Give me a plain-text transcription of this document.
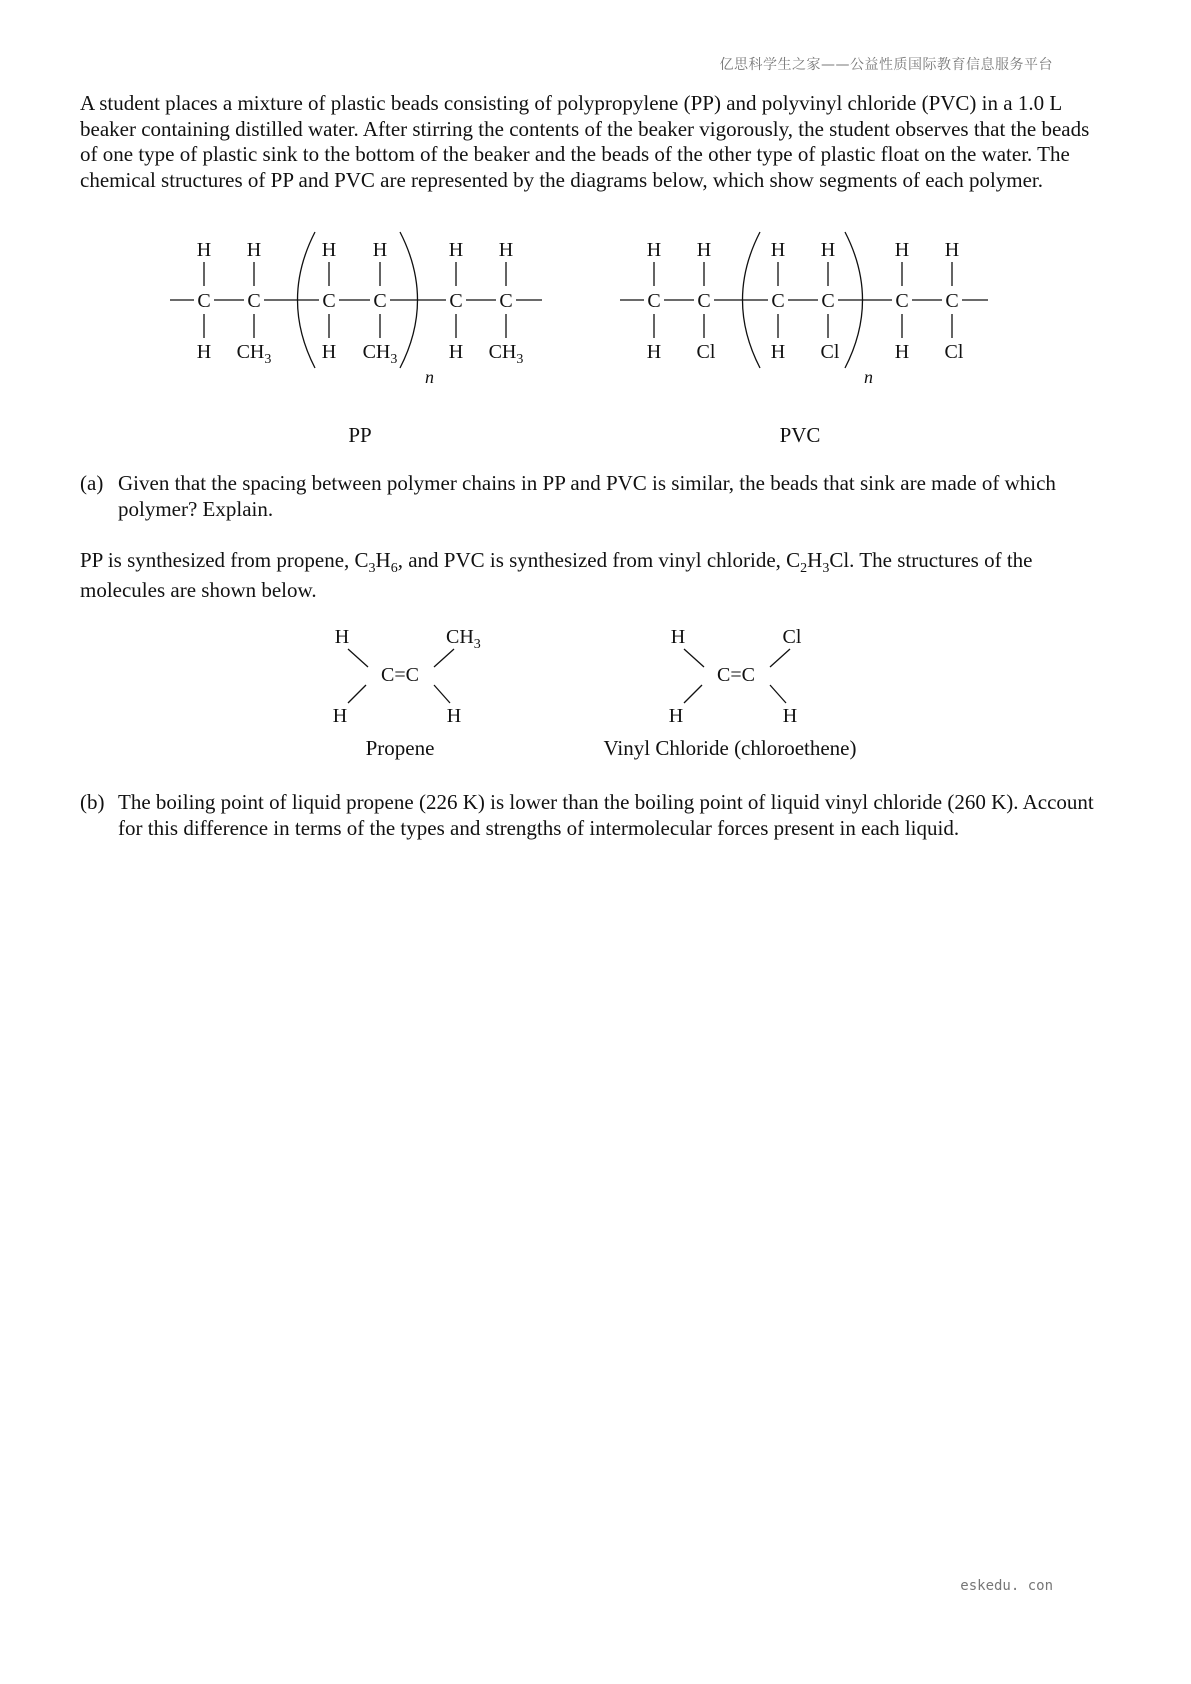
亿思科学生之家——公益性质国际教育信息服务平台
A student places a mixture of plastic beads consisting of polypropylene (PP) and polyvinyl chloride (PVC) in a 1.0 L beaker containing distilled water. After stirring the contents of the beaker vigorously, the student observes that the beads of one type of plastic sink to the bottom of the beaker and the beads of the other type of plastic float on the water. The chemical structures of PP and PVC are represented by the diagrams below, which show segments of each polymer.
H H	H H	H H
C C	C C	C C
H $CH_3$	H $CH_3$	H $CH_3$
n
PP
H H	H H	H H
C C	C C	C C
H Cl	H Cl	H Cl
n
PVC
(a) Given that the spacing between polymer chains in PP and PVC is similar, the beads that sink are made of which polymer? Explain.
PP is synthesized from propene, $C_3H_6$, and PVC is synthesized from vinyl chloride, $C_2H_3Cl$. The structures of the molecules are shown below.
H	$CH_3$
C=C
H	H
Propene
H	Cl
C=C
H	H
Vinyl Chloride (chloroethene)
(b) The boiling point of liquid propene (226 K) is lower than the boiling point of liquid vinyl chloride (260 K). Account for this difference in terms of the types and strengths of intermolecular forces present in each liquid.
eskedu. con
